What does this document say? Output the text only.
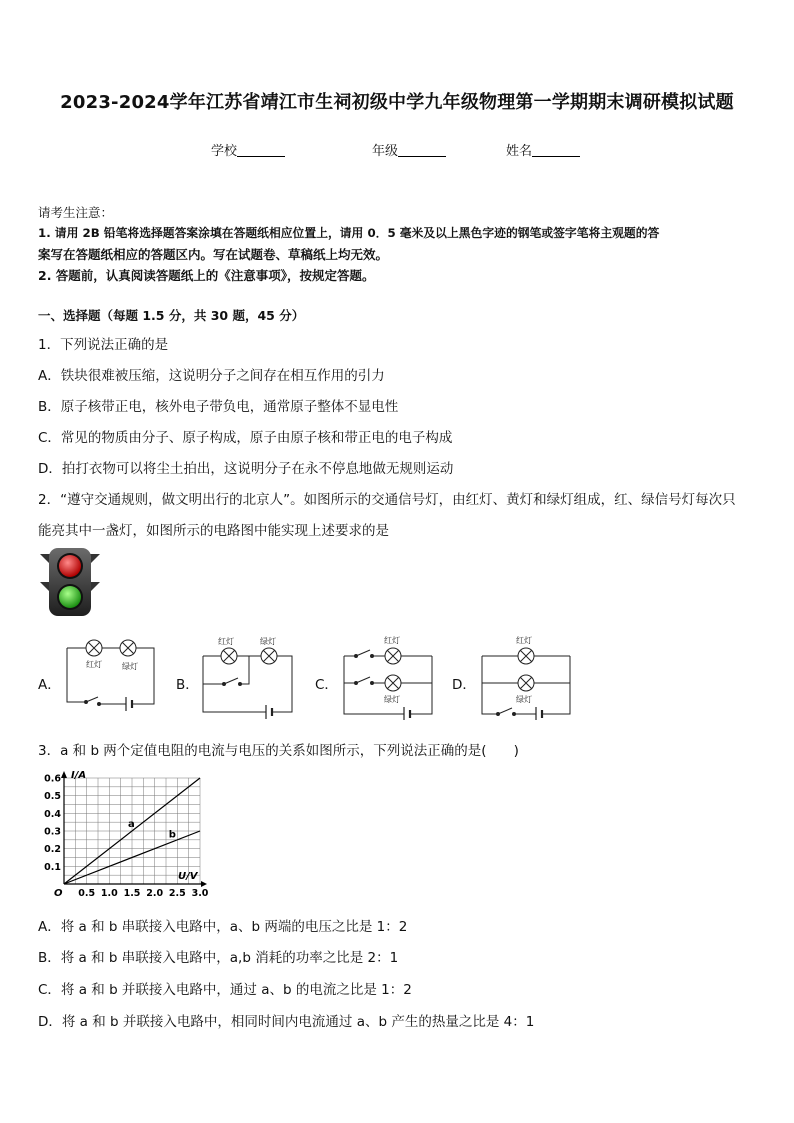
2023-2024学年江苏省靖江市生祠初级中学九年级物理第一学期期末调研模拟试题
学校	年级	姓名
请考生注意：
1. 请用 2B 铅笔将选择题答案涂填在答题纸相应位置上，请用 0．5 毫米及以上黑色字迹的钢笔或签字笔将主观题的答
案写在答题纸相应的答题区内。写在试题卷、草稿纸上均无效。
2. 答题前，认真阅读答题纸上的《注意事项》，按规定答题。
一、选择题（每题 1.5 分，共 30 题，45 分）
1．下列说法正确的是
A．铁块很难被压缩，这说明分子之间存在相互作用的引力
B．原子核带正电，核外电子带负电，通常原子整体不显电性
C．常见的物质由分子、原子构成，原子由原子核和带正电的电子构成
D．拍打衣物可以将尘土拍出，这说明分子在永不停息地做无规则运动
2．“遵守交通规则，做文明出行的北京人”。如图所示的交通信号灯，由红灯、黄灯和绿灯组成，红、绿信号灯每次只
能亮其中一盏灯，如图所示的电路图中能实现上述要求的是
A．	B．	C．	D．
红灯	绿灯
红灯	绿灯	红灯
绿灯
红灯
绿灯
3．a 和 b 两个定值电阻的电流与电压的关系如图所示，下列说法正确的是(　　)
0.5 1.0 1.5 2.0 2.5 3.0
0.1
0.2
0.3
0.4
0.5
0.6
a
b
I/A
U/V
O
A．将 a 和 b 串联接入电路中，a、b 两端的电压之比是 1：2
B．将 a 和 b 串联接入电路中，a,b 消耗的功率之比是 2：1
C．将 a 和 b 并联接入电路中，通过 a、b 的电流之比是 1：2
D．将 a 和 b 并联接入电路中，相同时间内电流通过 a、b 产生的热量之比是 4：1
